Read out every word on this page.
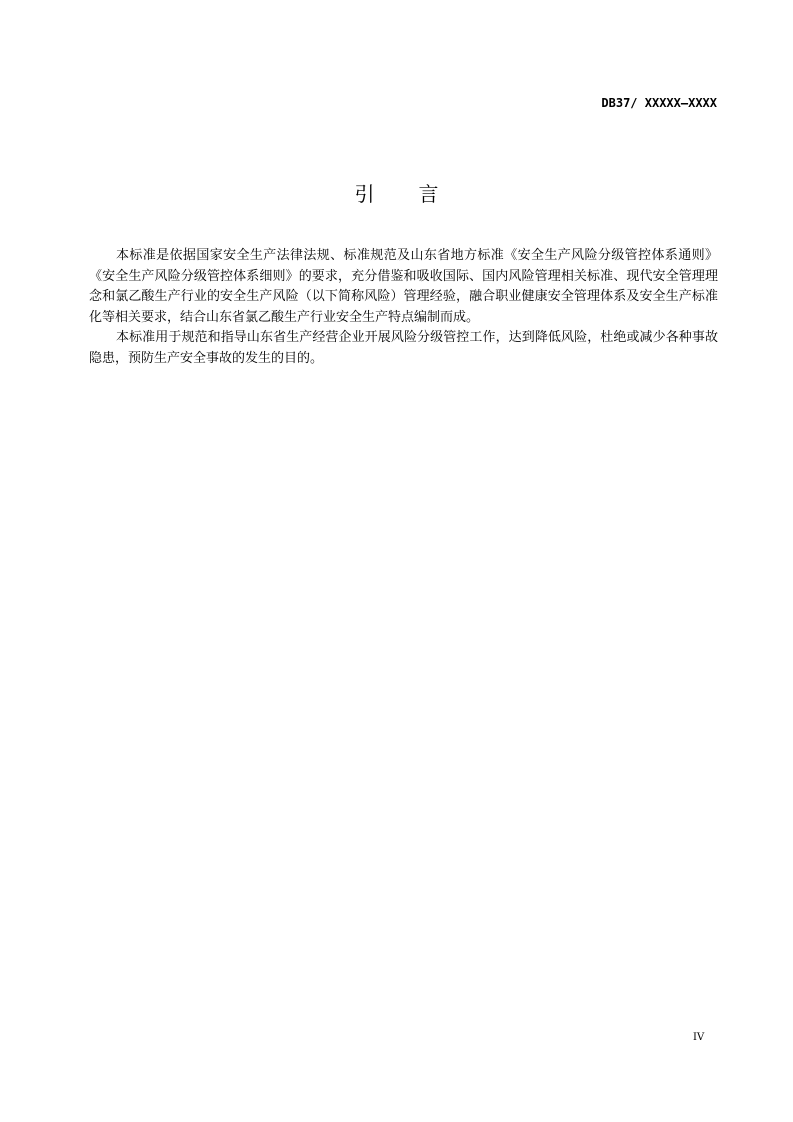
DB37/ XXXXX—XXXX
引 言

本标准是依据国家安全生产法律法规、标准规范及山东省地方标准《安全生产风险分级管控体系通则》《安全生产风险分级管控体系细则》的要求，充分借鉴和吸收国际、国内风险管理相关标准、现代安全管理理念和氯乙酸生产行业的安全生产风险（以下简称风险）管理经验，融合职业健康安全管理体系及安全生产标准化等相关要求，结合山东省氯乙酸生产行业安全生产特点编制而成。

本标准用于规范和指导山东省生产经营企业开展风险分级管控工作，达到降低风险，杜绝或减少各种事故隐患，预防生产安全事故的发生的目的。

IV
